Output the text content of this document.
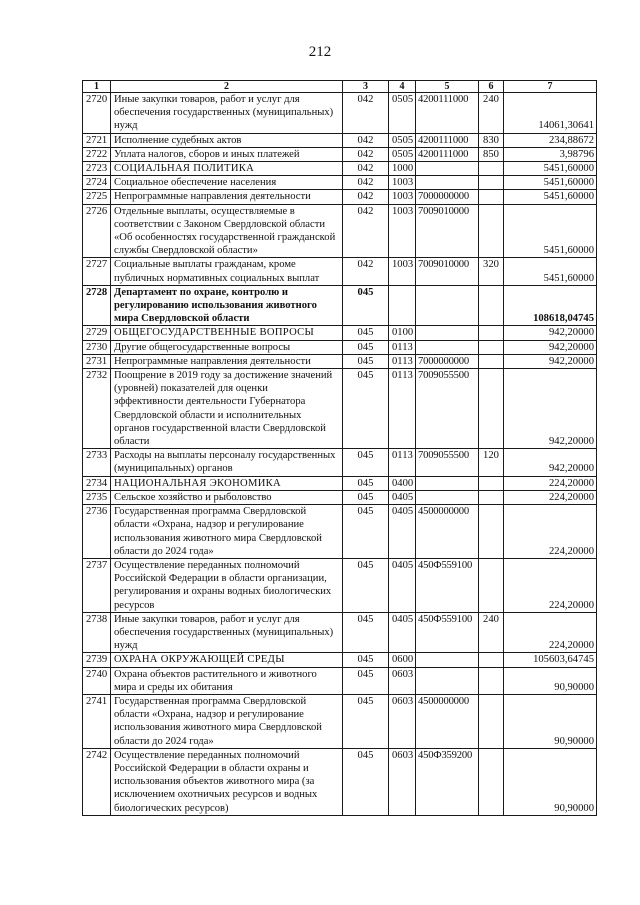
212
1	2	3	4	5	6	7
2720	Иные закупки товаров, работ и услуг для обеспечения государственных (муниципальных) нужд	042	0505	4200111000	240	14061,30641
2721	Исполнение судебных актов	042	0505	4200111000	830	234,88672
2722	Уплата налогов, сборов и иных платежей	042	0505	4200111000	850	3,98796
2723	СОЦИАЛЬНАЯ ПОЛИТИКА	042	1000			5451,60000
2724	Социальное обеспечение населения	042	1003			5451,60000
2725	Непрограммные направления деятельности	042	1003	7000000000		5451,60000
2726	Отдельные выплаты, осуществляемые в соответствии с Законом Свердловской области «Об особенностях государственной гражданской службы Свердловской области»	042	1003	7009010000		5451,60000
2727	Социальные выплаты гражданам, кроме публичных нормативных социальных выплат	042	1003	7009010000	320	5451,60000
2728	Департамент по охране, контролю и регулированию использования животного мира Свердловской области	045				108618,04745
2729	ОБЩЕГОСУДАРСТВЕННЫЕ ВОПРОСЫ	045	0100			942,20000
2730	Другие общегосударственные вопросы	045	0113			942,20000
2731	Непрограммные направления деятельности	045	0113	7000000000		942,20000
2732	Поощрение в 2019 году за достижение значений (уровней) показателей для оценки эффективности деятельности Губернатора Свердловской области и исполнительных органов государственной власти Свердловской области	045	0113	7009055500		942,20000
2733	Расходы на выплаты персоналу государственных (муниципальных) органов	045	0113	7009055500	120	942,20000
2734	НАЦИОНАЛЬНАЯ ЭКОНОМИКА	045	0400			224,20000
2735	Сельское хозяйство и рыболовство	045	0405			224,20000
2736	Государственная программа Свердловской области «Охрана, надзор и регулирование использования животного мира Свердловской области до 2024 года»	045	0405	4500000000		224,20000
2737	Осуществление переданных полномочий Российской Федерации в области организации, регулирования и охраны водных биологических ресурсов	045	0405	450Ф559100		224,20000
2738	Иные закупки товаров, работ и услуг для обеспечения государственных (муниципальных) нужд	045	0405	450Ф559100	240	224,20000
2739	ОХРАНА ОКРУЖАЮЩЕЙ СРЕДЫ	045	0600			105603,64745
2740	Охрана объектов растительного и животного мира и среды их обитания	045	0603			90,90000
2741	Государственная программа Свердловской области «Охрана, надзор и регулирование использования животного мира Свердловской области до 2024 года»	045	0603	4500000000		90,90000
2742	Осуществление переданных полномочий Российской Федерации в области охраны и использования объектов животного мира (за исключением охотничьих ресурсов и водных биологических ресурсов)	045	0603	450Ф359200		90,90000
